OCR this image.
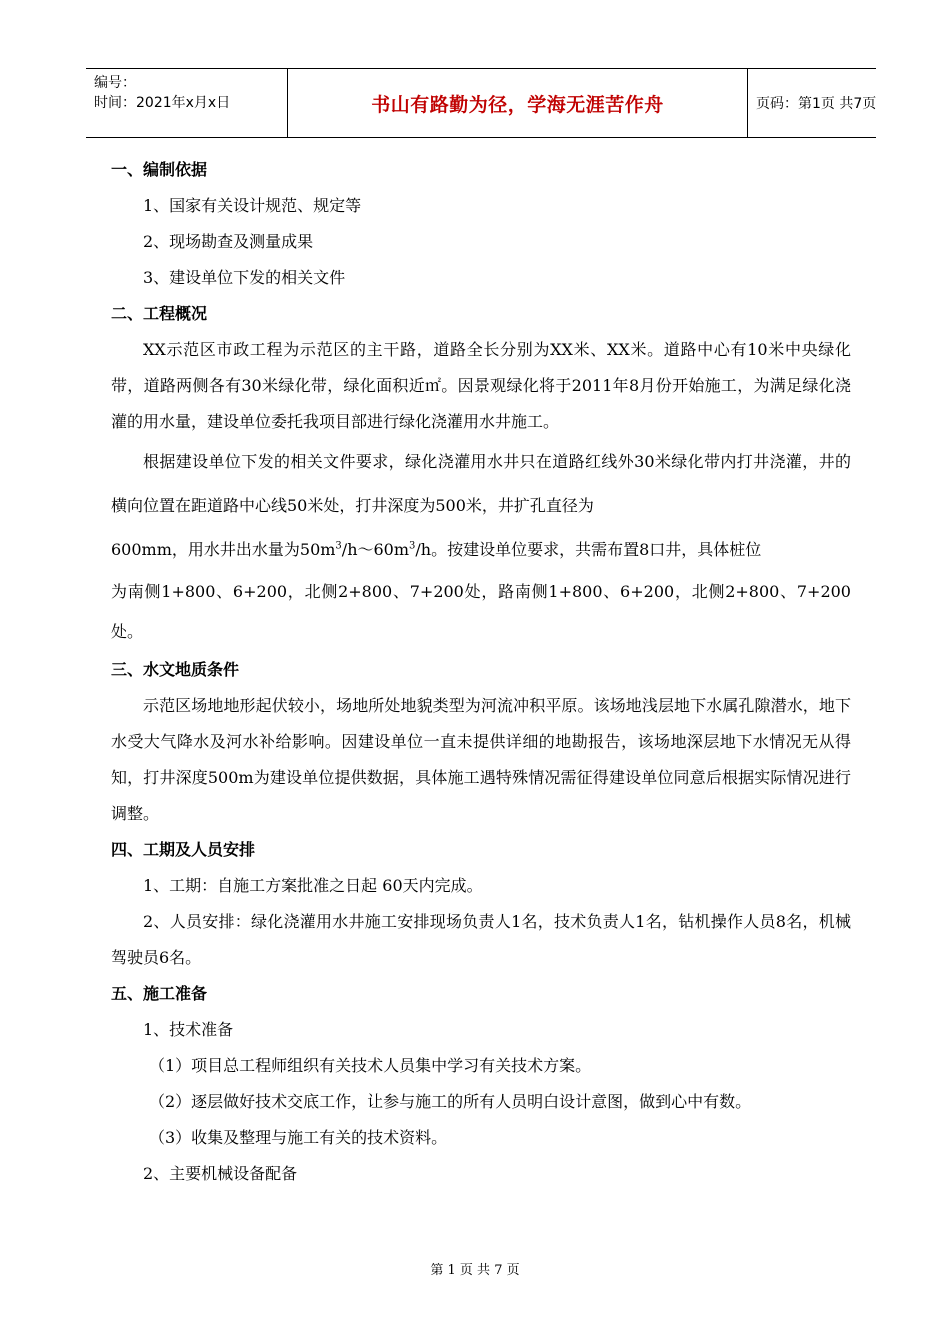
编号：
时间：2021年x月x日	书山有路勤为径，学海无涯苦作舟	页码：第1页 共7页

一、编制依据

1、国家有关设计规范、规定等

2、现场勘查及测量成果

3、建设单位下发的相关文件

二、工程概况

XX示范区市政工程为示范区的主干路，道路全长分别为XX米、XX米。道路中心有10米中央绿化带，道路两侧各有30米绿化带，绿化面积近㎡。因景观绿化将于2011年8月份开始施工，为满足绿化浇灌的用水量，建设单位委托我项目部进行绿化浇灌用水井施工。

根据建设单位下发的相关文件要求，绿化浇灌用水井只在道路红线外30米绿化带内打井浇灌，井的横向位置在距道路中心线50米处，打井深度为500米，井扩孔直径为

600mm，用水井出水量为$50m^3/h\sim 60m^3/h$。按建设单位要求，共需布置8口井，具体桩位

为南侧1+800、6+200，北侧2+800、7+200处，路南侧1+800、6+200，北侧2+800、7+200处。

三、水文地质条件

示范区场地地形起伏较小，场地所处地貌类型为河流冲积平原。该场地浅层地下水属孔隙潜水，地下水受大气降水及河水补给影响。因建设单位一直未提供详细的地勘报告，该场地深层地下水情况无从得知，打井深度500m为建设单位提供数据，具体施工遇特殊情况需征得建设单位同意后根据实际情况进行调整。

四、工期及人员安排

1、工期：自施工方案批准之日起 60天内完成。

2、人员安排：绿化浇灌用水井施工安排现场负责人1名，技术负责人1名，钻机操作人员8名，机械驾驶员6名。

五、施工准备

1、技术准备

（1）项目总工程师组织有关技术人员集中学习有关技术方案。

（2）逐层做好技术交底工作，让参与施工的所有人员明白设计意图，做到心中有数。

（3）收集及整理与施工有关的技术资料。

2、主要机械设备配备

第 1 页 共 7 页
